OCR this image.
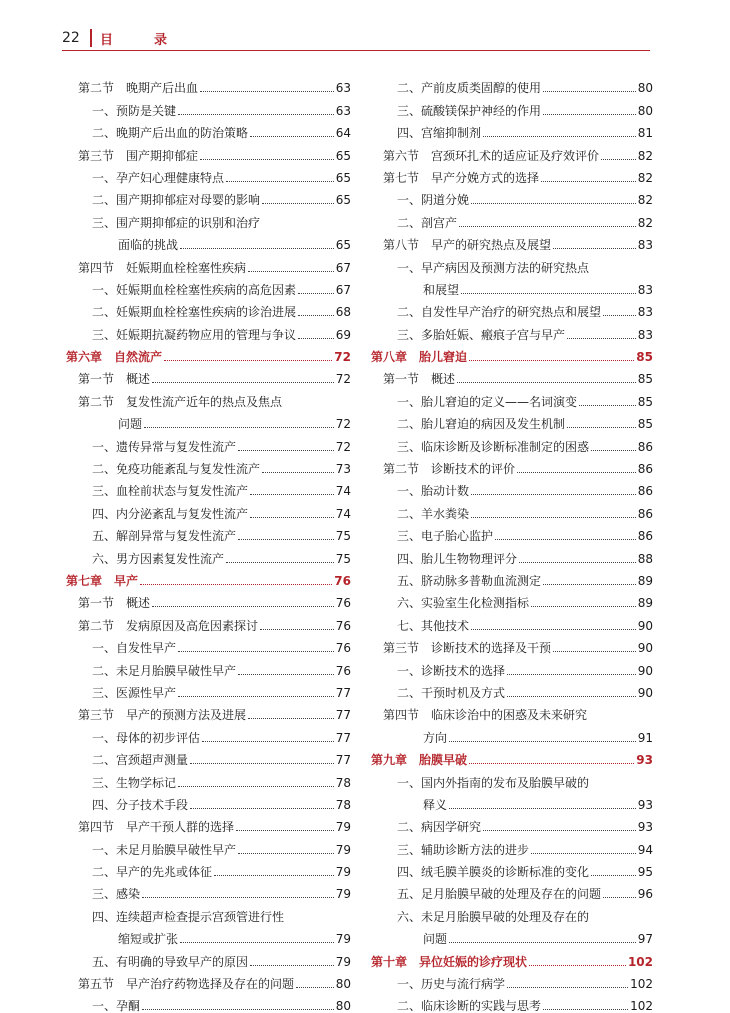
22	目　录
第二节　晚期产后出血	63
一、预防是关键	63
二、晚期产后出血的防治策略	64
第三节　围产期抑郁症	65
一、孕产妇心理健康特点	65
二、围产期抑郁症对母婴的影响	65
三、围产期抑郁症的识别和治疗
面临的挑战	65
第四节　妊娠期血栓栓塞性疾病	67
一、妊娠期血栓栓塞性疾病的高危因素	67
二、妊娠期血栓栓塞性疾病的诊治进展	68
三、妊娠期抗凝药物应用的管理与争议	69
第六章　自然流产	72
第一节　概述	72
第二节　复发性流产近年的热点及焦点
问题	72
一、遗传异常与复发性流产	72
二、免疫功能紊乱与复发性流产	73
三、血栓前状态与复发性流产	74
四、内分泌紊乱与复发性流产	74
五、解剖异常与复发性流产	75
六、男方因素复发性流产	75
第七章　早产	76
第一节　概述	76
第二节　发病原因及高危因素探讨	76
一、自发性早产	76
二、未足月胎膜早破性早产	76
三、医源性早产	77
第三节　早产的预测方法及进展	77
一、母体的初步评估	77
二、宫颈超声测量	77
三、生物学标记	78
四、分子技术手段	78
第四节　早产干预人群的选择	79
一、未足月胎膜早破性早产	79
二、早产的先兆或体征	79
三、感染	79
四、连续超声检查提示宫颈管进行性
缩短或扩张	79
五、有明确的导致早产的原因	79
第五节　早产治疗药物选择及存在的问题	80
一、孕酮	80
二、产前皮质类固醇的使用	80
三、硫酸镁保护神经的作用	80
四、宫缩抑制剂	81
第六节　宫颈环扎术的适应证及疗效评价	82
第七节　早产分娩方式的选择	82
一、阴道分娩	82
二、剖宫产	82
第八节　早产的研究热点及展望	83
一、早产病因及预测方法的研究热点
和展望	83
二、自发性早产治疗的研究热点和展望	83
三、多胎妊娠、瘢痕子宫与早产	83
第八章　胎儿窘迫	85
第一节　概述	85
一、胎儿窘迫的定义——名词演变	85
二、胎儿窘迫的病因及发生机制	85
三、临床诊断及诊断标准制定的困惑	86
第二节　诊断技术的评价	86
一、胎动计数	86
二、羊水粪染	86
三、电子胎心监护	86
四、胎儿生物物理评分	88
五、脐动脉多普勒血流测定	89
六、实验室生化检测指标	89
七、其他技术	90
第三节　诊断技术的选择及干预	90
一、诊断技术的选择	90
二、干预时机及方式	90
第四节　临床诊治中的困惑及未来研究
方向	91
第九章　胎膜早破	93
一、国内外指南的发布及胎膜早破的
释义	93
二、病因学研究	93
三、辅助诊断方法的进步	94
四、绒毛膜羊膜炎的诊断标准的变化	95
五、足月胎膜早破的处理及存在的问题	96
六、未足月胎膜早破的处理及存在的
问题	97
第十章　异位妊娠的诊疗现状	102
一、历史与流行病学	102
二、临床诊断的实践与思考	102
